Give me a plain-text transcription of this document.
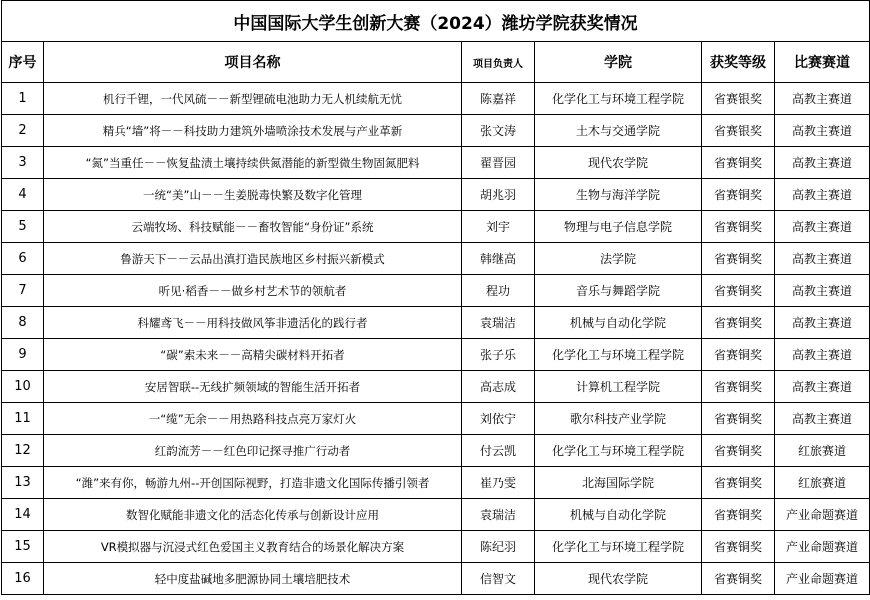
中国国际大学生创新大赛（2024）潍坊学院获奖情况					
序号	项目名称	项目负责人	学院	获奖等级	比赛赛道
1	机行千锂，一代风硫－－新型锂硫电池助力无人机续航无忧	陈嘉祥	化学化工与环境工程学院	省赛银奖	高教主赛道
2	精兵“墙”将－－科技助力建筑外墙喷涂技术发展与产业革新	张文涛	土木与交通学院	省赛银奖	高教主赛道
3	“氮”当重任－－恢复盐渍土壤持续供氮潜能的新型微生物固氮肥料	翟晋园	现代农学院	省赛铜奖	高教主赛道
4	一统“美”山－－生姜脱毒快繁及数字化管理	胡兆羽	生物与海洋学院	省赛铜奖	高教主赛道
5	云端牧场、科技赋能－－畜牧智能“身份证”系统	刘宇	物理与电子信息学院	省赛铜奖	高教主赛道
6	鲁游天下－－云品出滇打造民族地区乡村振兴新模式	韩继高	法学院	省赛铜奖	高教主赛道
7	听见·稻香－－做乡村艺术节的领航者	程功	音乐与舞蹈学院	省赛铜奖	高教主赛道
8	科耀鸢飞－－用科技做风筝非遗活化的践行者	袁瑞洁	机械与自动化学院	省赛铜奖	高教主赛道
9	“碳”索未来－－高精尖碳材料开拓者	张子乐	化学化工与环境工程学院	省赛铜奖	高教主赛道
10	安居智联--无线扩频领域的智能生活开拓者	高志成	计算机工程学院	省赛铜奖	高教主赛道
11	一“缆”无余－－用热路科技点亮万家灯火	刘依宁	歌尔科技产业学院	省赛铜奖	高教主赛道
12	红韵流芳－－红色印记探寻推广行动者	付云凯	化学化工与环境工程学院	省赛铜奖	红旅赛道
13	“潍”来有你，畅游九州--开创国际视野，打造非遗文化国际传播引领者	崔乃雯	北海国际学院	省赛铜奖	红旅赛道
14	数智化赋能非遗文化的活态化传承与创新设计应用	袁瑞洁	机械与自动化学院	省赛铜奖	产业命题赛道
15	VR模拟器与沉浸式红色爱国主义教育结合的场景化解决方案	陈纪羽	化学化工与环境工程学院	省赛铜奖	产业命题赛道
16	轻中度盐碱地多肥源协同土壤培肥技术	信智文	现代农学院	省赛铜奖	产业命题赛道
